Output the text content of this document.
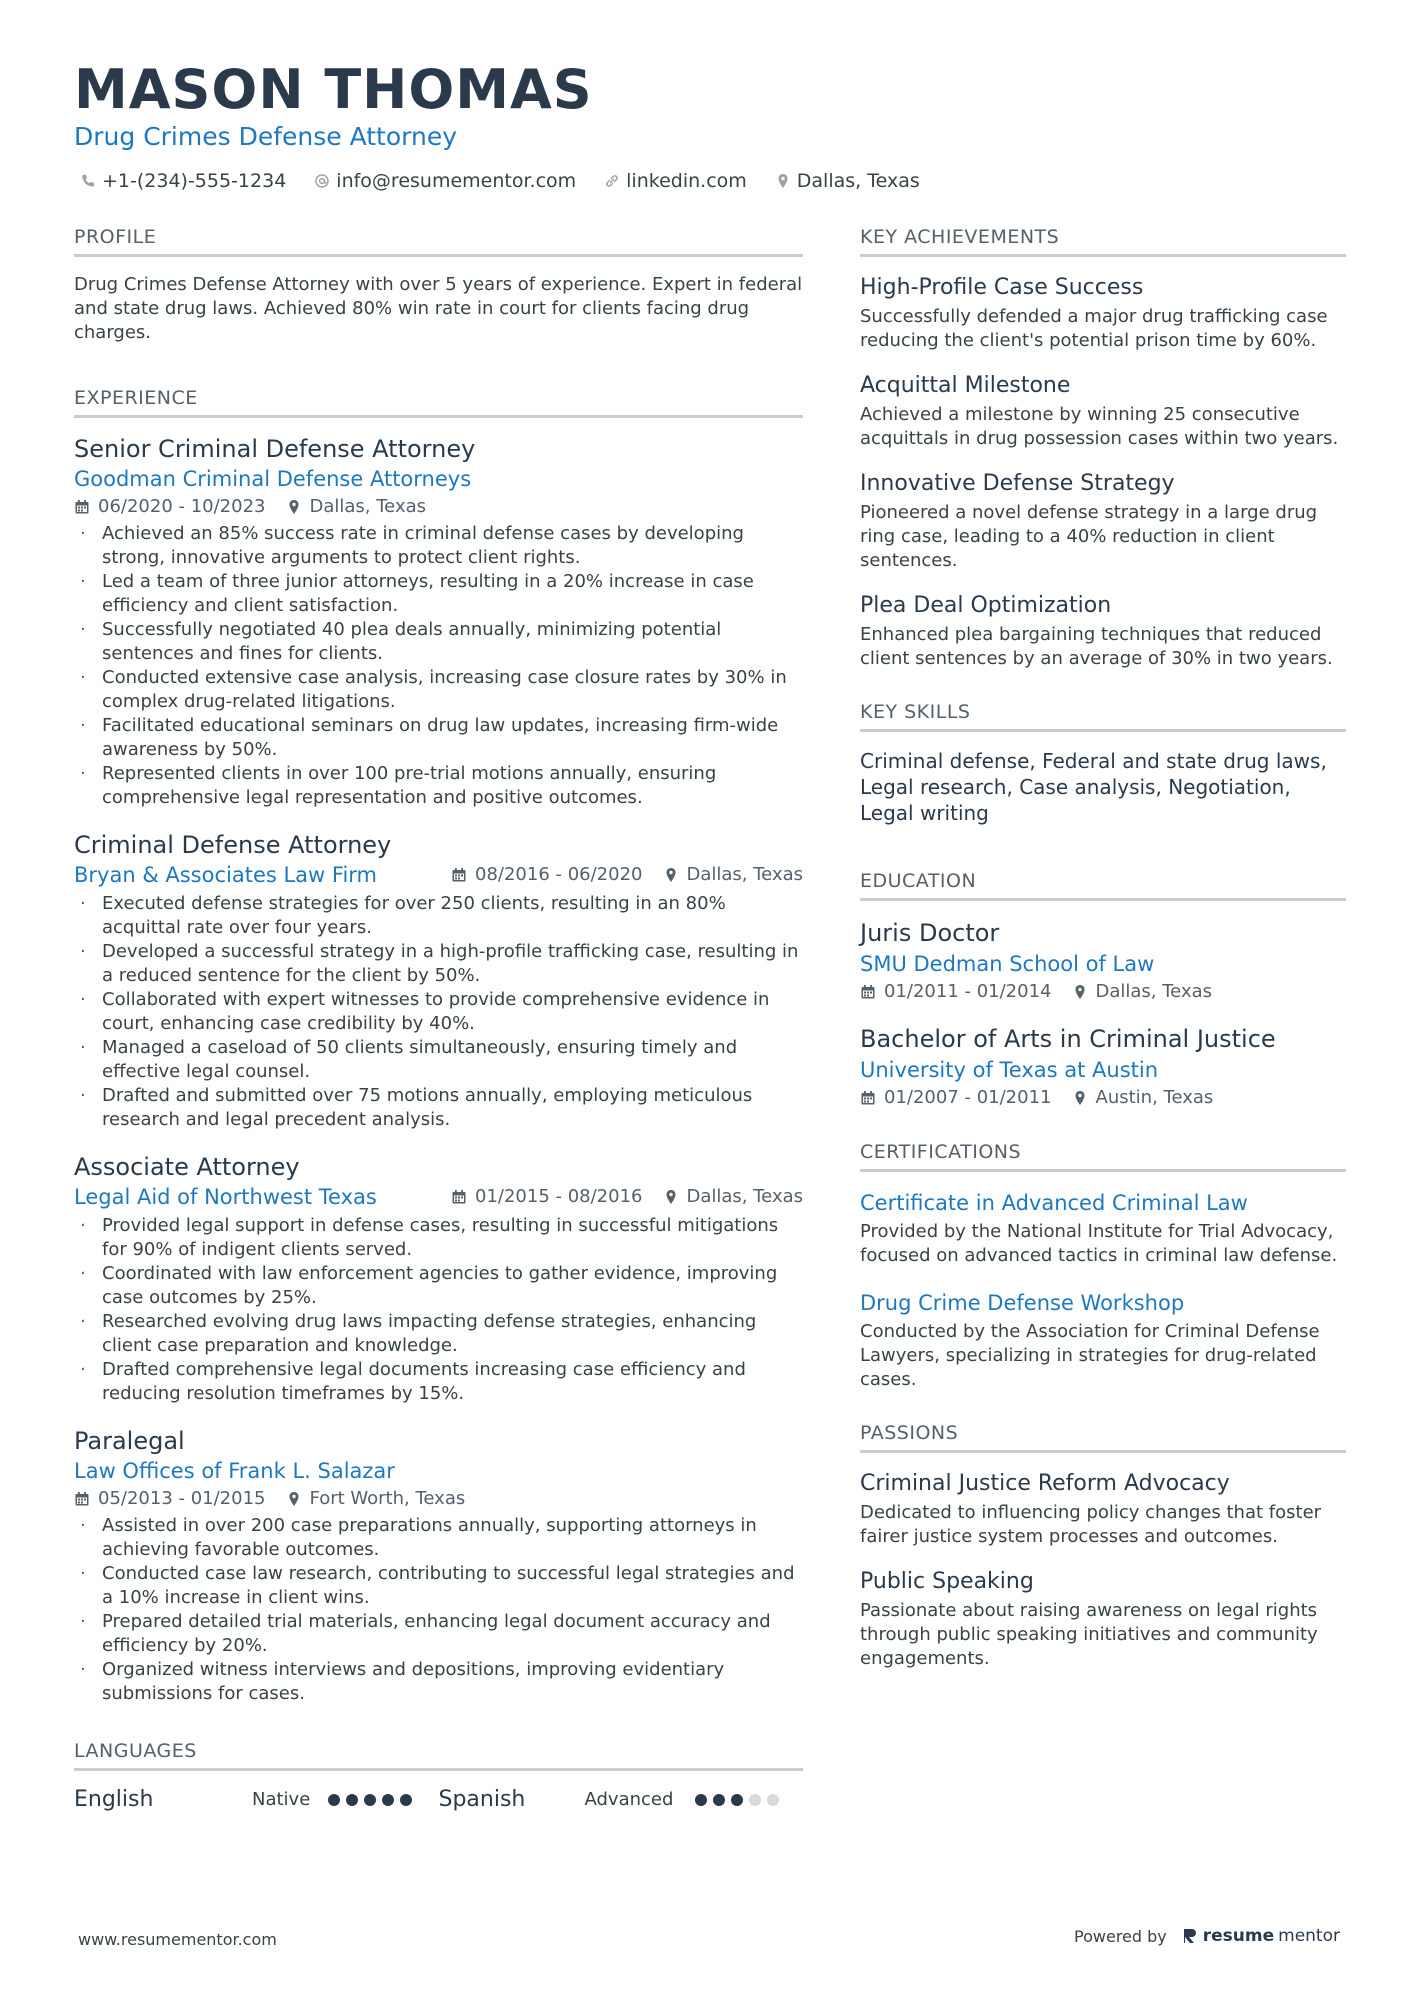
MASON THOMAS
Drug Crimes Defense Attorney
+1-(234)-555-1234	info@resumementor.com	linkedin.com	Dallas, Texas
PROFILE
Drug Crimes Defense Attorney with over 5 years of experience. Expert in federal and state drug laws. Achieved 80% win rate in court for clients facing drug charges.
EXPERIENCE
Senior Criminal Defense Attorney
Goodman Criminal Defense Attorneys
06/2020 - 10/2023 Dallas, Texas
· Achieved an 85% success rate in criminal defense cases by developing strong, innovative arguments to protect client rights.
· Led a team of three junior attorneys, resulting in a 20% increase in case efficiency and client satisfaction.
· Successfully negotiated 40 plea deals annually, minimizing potential sentences and fines for clients.
· Conducted extensive case analysis, increasing case closure rates by 30% in complex drug-related litigations.
· Facilitated educational seminars on drug law updates, increasing firm-wide awareness by 50%.
· Represented clients in over 100 pre-trial motions annually, ensuring comprehensive legal representation and positive outcomes.
Criminal Defense Attorney
Bryan & Associates Law Firm	08/2016 - 06/2020 Dallas, Texas
· Executed defense strategies for over 250 clients, resulting in an 80% acquittal rate over four years.
· Developed a successful strategy in a high-profile trafficking case, resulting in a reduced sentence for the client by 50%.
· Collaborated with expert witnesses to provide comprehensive evidence in court, enhancing case credibility by 40%.
· Managed a caseload of 50 clients simultaneously, ensuring timely and effective legal counsel.
· Drafted and submitted over 75 motions annually, employing meticulous research and legal precedent analysis.
Associate Attorney
Legal Aid of Northwest Texas	01/2015 - 08/2016 Dallas, Texas
· Provided legal support in defense cases, resulting in successful mitigations for 90% of indigent clients served.
· Coordinated with law enforcement agencies to gather evidence, improving case outcomes by 25%.
· Researched evolving drug laws impacting defense strategies, enhancing client case preparation and knowledge.
· Drafted comprehensive legal documents increasing case efficiency and reducing resolution timeframes by 15%.
Paralegal
Law Offices of Frank L. Salazar
05/2013 - 01/2015 Fort Worth, Texas
· Assisted in over 200 case preparations annually, supporting attorneys in achieving favorable outcomes.
· Conducted case law research, contributing to successful legal strategies and a 10% increase in client wins.
· Prepared detailed trial materials, enhancing legal document accuracy and efficiency by 20%.
· Organized witness interviews and depositions, improving evidentiary submissions for cases.
LANGUAGES
English	Native	Spanish	Advanced
KEY ACHIEVEMENTS
High-Profile Case Success
Successfully defended a major drug trafficking case reducing the client's potential prison time by 60%.
Acquittal Milestone
Achieved a milestone by winning 25 consecutive acquittals in drug possession cases within two years.
Innovative Defense Strategy
Pioneered a novel defense strategy in a large drug ring case, leading to a 40% reduction in client sentences.
Plea Deal Optimization
Enhanced plea bargaining techniques that reduced client sentences by an average of 30% in two years.
KEY SKILLS
Criminal defense, Federal and state drug laws, Legal research, Case analysis, Negotiation, Legal writing
EDUCATION
Juris Doctor
SMU Dedman School of Law
01/2011 - 01/2014 Dallas, Texas
Bachelor of Arts in Criminal Justice
University of Texas at Austin
01/2007 - 01/2011 Austin, Texas
CERTIFICATIONS
Certificate in Advanced Criminal Law
Provided by the National Institute for Trial Advocacy, focused on advanced tactics in criminal law defense.
Drug Crime Defense Workshop
Conducted by the Association for Criminal Defense Lawyers, specializing in strategies for drug-related cases.
PASSIONS
Criminal Justice Reform Advocacy
Dedicated to influencing policy changes that foster fairer justice system processes and outcomes.
Public Speaking
Passionate about raising awareness on legal rights through public speaking initiatives and community engagements.
www.resumementor.com	Powered by resume mentor
